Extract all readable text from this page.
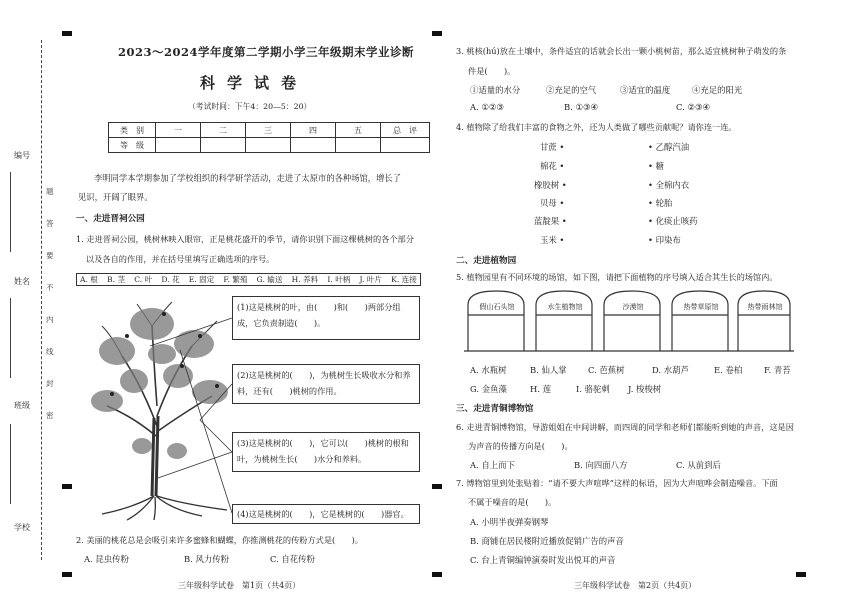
编号
姓名
班级
学校
题
答
要
不
内
线
封
密
2023～2024学年度第二学期小学三年级期末学业诊断
科学试卷
（考试时间：下午4：20—5：20）
类　别	一	二	三	四	五	总　评
等　级						
李明同学本学期参加了学校组织的科学研学活动，走进了太原市的各种场馆，增长了
见识，开阔了眼界。
一、走进晋祠公园
1. 走进晋祠公园，桃树林映入眼帘，正是桃花盛开的季节，请你识别下面这棵桃树的各个部分
以及各自的作用，并在括号里填写正确选项的序号。
A. 根 B. 茎 C. 叶 D. 花 E. 固定 F. 繁殖 G. 输送 H. 养料 I. 叶柄 J. 叶片 K. 连接
(1)这是桃树的叶，由(　　)和(　　)两部分组成，它负责制造(　　)。
(2)这是桃树的(　　)，为桃树生长吸收水分和养料，还有(　　)桃树的作用。
(3)这是桃树的(　　)，它可以(　　)桃树的根和叶，为桃树生长(　　)水分和养料。
(4)这是桃树的(　　)，它是桃树的(　　)器官。
2. 美丽的桃花总是会吸引来许多蜜蜂和蝴蝶，你推测桃花的传粉方式是(　　)。
A. 昆虫传粉	B. 风力传粉	C. 自花传粉
三年级科学试卷　第1页（共4页）
3. 桃核(hú)放在土壤中，条件适宜的话就会长出一颗小桃树苗，那么适宜桃树种子萌发的条
件是(　　)。
①适量的水分	②充足的空气	③适宜的温度	④充足的阳光
A. ①②③	B. ①③④	C. ②③④
4. 植物除了给我们丰富的食物之外，还为人类做了哪些贡献呢？请你连一连。
甘蔗 •
棉花 •
橡胶树 •
贝母 •
蓝靛果 •
玉米 •
• 乙醇汽油
• 糖
• 全棉内衣
• 轮胎
• 化痰止咳药
• 印染布
二、走进植物园
5. 植物园里有不同环境的场馆，如下图，请把下面植物的序号填入适合其生长的场馆内。
假山石头馆	水生植物馆	沙漠馆	热带草原馆	热带雨林馆
A. 水瓶树	B. 仙人掌	C. 芭蕉树	D. 水葫芦	E. 卷柏	F. 青苔
G. 金鱼藻	H. 莲	I. 骆驼刺 J. 梭梭树
三、走进青铜博物馆
6. 走进青铜博物馆，导游姐姐在中间讲解，而四周的同学和老师们都能听到她的声音，这是因
为声音的传播方向是(　　)。
A. 自上而下	B. 向四面八方	C. 从前到后
7. 博物馆里到处张贴着：“请不要大声喧哗”这样的标语，因为大声喧哗会制造噪音。下面
不属于噪音的是(　　)。
A. 小明半夜弹奏钢琴
B. 商铺在居民楼附近播放促销广告的声音
C. 台上青铜编钟演奏时发出悦耳的声音
三年级科学试卷　第2页（共4页）
